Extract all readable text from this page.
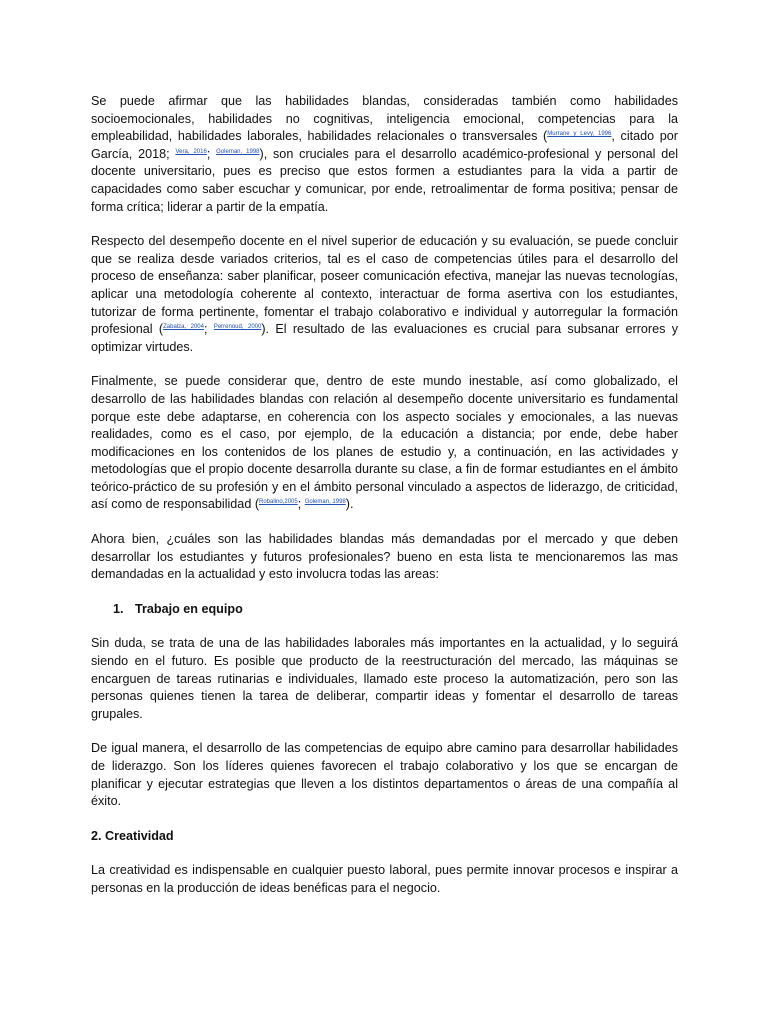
Se puede afirmar que las habilidades blandas, consideradas también como habilidades socioemocionales, habilidades no cognitivas, inteligencia emocional, competencias para la empleabilidad, habilidades laborales, habilidades relacionales o transversales ($^{Murrane y Levy, 1996}$, citado por García, 2018; $^{Vera, 2016}$; $^{Goleman, 1998}$), son cruciales para el desarrollo académico-profesional y personal del docente universitario, pues es preciso que estos formen a estudiantes para la vida a partir de capacidades como saber escuchar y comunicar, por ende, retroalimentar de forma positiva; pensar de forma crítica; liderar a partir de la empatía.

Respecto del desempeño docente en el nivel superior de educación y su evaluación, se puede concluir que se realiza desde variados criterios, tal es el caso de competencias útiles para el desarrollo del proceso de enseñanza: saber planificar, poseer comunicación efectiva, manejar las nuevas tecnologías, aplicar una metodología coherente al contexto, interactuar de forma asertiva con los estudiantes, tutorizar de forma pertinente, fomentar el trabajo colaborativo e individual y autorregular la formación profesional ($^{Zabalza, 2004}$; $^{Perrenoud, 2000}$). El resultado de las evaluaciones es crucial para subsanar errores y optimizar virtudes.

Finalmente, se puede considerar que, dentro de este mundo inestable, así como globalizado, el desarrollo de las habilidades blandas con relación al desempeño docente universitario es fundamental porque este debe adaptarse, en coherencia con los aspecto sociales y emocionales, a las nuevas realidades, como es el caso, por ejemplo, de la educación a distancia; por ende, debe haber modificaciones en los contenidos de los planes de estudio y, a continuación, en las actividades y metodologías que el propio docente desarrolla durante su clase, a fin de formar estudiantes en el ámbito teórico-práctico de su profesión y en el ámbito personal vinculado a aspectos de liderazgo, de criticidad, así como de responsabilidad ($^{Robalino,2005}$; $^{Goleman, 1998}$).

Ahora bien, ¿cuáles son las habilidades blandas más demandadas por el mercado y que deben desarrollar los estudiantes y futuros profesionales? bueno en esta lista te mencionaremos las mas demandadas en la actualidad y esto involucra todas las areas:

1. Trabajo en equipo

Sin duda, se trata de una de las habilidades laborales más importantes en la actualidad, y lo seguirá siendo en el futuro. Es posible que producto de la reestructuración del mercado, las máquinas se encarguen de tareas rutinarias e individuales, llamado este proceso la automatización, pero son las personas quienes tienen la tarea de deliberar, compartir ideas y fomentar el desarrollo de tareas grupales.

De igual manera, el desarrollo de las competencias de equipo abre camino para desarrollar habilidades de liderazgo. Son los líderes quienes favorecen el trabajo colaborativo y los que se encargan de planificar y ejecutar estrategias que lleven a los distintos departamentos o áreas de una compañía al éxito.

2. Creatividad

La creatividad es indispensable en cualquier puesto laboral, pues permite innovar procesos e inspirar a personas en la producción de ideas benéficas para el negocio.
